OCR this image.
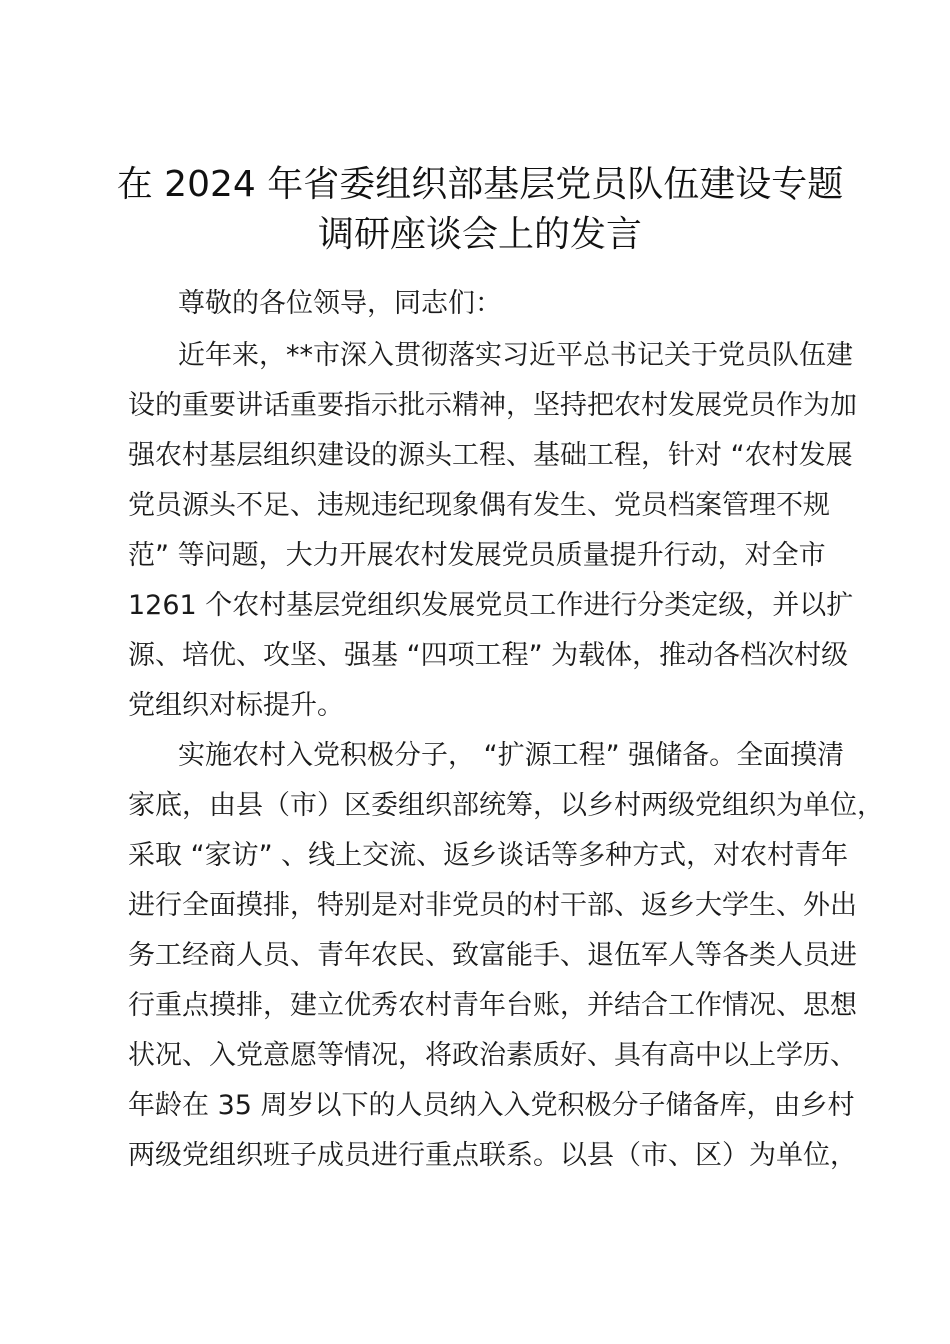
在 2024 年省委组织部基层党员队伍建设专题
调研座谈会上的发言
尊敬的各位领导，同志们：
近年来，**市深入贯彻落实习近平总书记关于党员队伍建
设的重要讲话重要指示批示精神，坚持把农村发展党员作为加
强农村基层组织建设的源头工程、基础工程，针对 “农村发展
党员源头不足、违规违纪现象偶有发生、党员档案管理不规
范” 等问题，大力开展农村发展党员质量提升行动，对全市
1261 个农村基层党组织发展党员工作进行分类定级，并以扩
源、培优、攻坚、强基 “四项工程” 为载体，推动各档次村级
党组织对标提升。
实施农村入党积极分子， “扩源工程” 强储备。全面摸清
家底，由县（市）区委组织部统筹，以乡村两级党组织为单位，
采取 “家访” 、线上交流、返乡谈话等多种方式，对农村青年
进行全面摸排，特别是对非党员的村干部、返乡大学生、外出
务工经商人员、青年农民、致富能手、退伍军人等各类人员进
行重点摸排，建立优秀农村青年台账，并结合工作情况、思想
状况、入党意愿等情况，将政治素质好、具有高中以上学历、
年龄在 35 周岁以下的人员纳入入党积极分子储备库，由乡村
两级党组织班子成员进行重点联系。以县（市、区）为单位，
